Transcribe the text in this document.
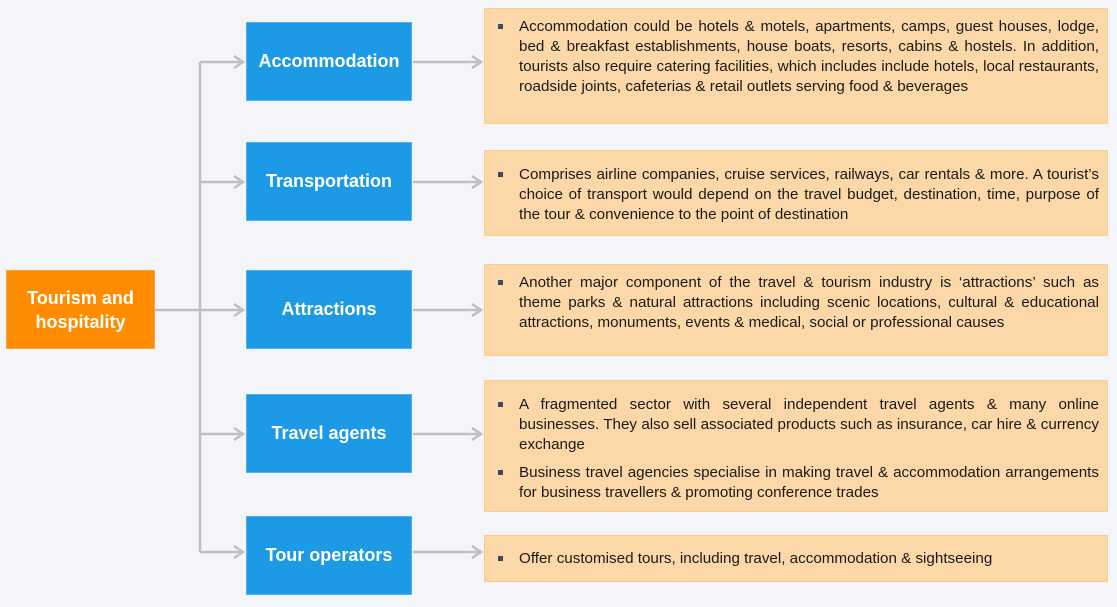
Tourism and hospitality
Accommodation
Transportation
Attractions
Travel agents
Tour operators
Accommodation could be hotels & motels, apartments, camps, guest houses, lodge, bed & breakfast establishments, house boats, resorts, cabins & hostels. In addition, tourists also require catering facilities, which includes include hotels, local restaurants, roadside joints, cafeterias & retail outlets serving food & beverages
Comprises airline companies, cruise services, railways, car rentals & more. A tourist’s choice of transport would depend on the travel budget, destination, time, purpose of the tour & convenience to the point of destination
Another major component of the travel & tourism industry is ‘attractions’ such as theme parks & natural attractions including scenic locations, cultural & educational attractions, monuments, events & medical, social or professional causes
A fragmented sector with several independent travel agents & many online businesses. They also sell associated products such as insurance, car hire & currency exchange
Business travel agencies specialise in making travel & accommodation arrangements for business travellers & promoting conference trades
Offer customised tours, including travel, accommodation & sightseeing
